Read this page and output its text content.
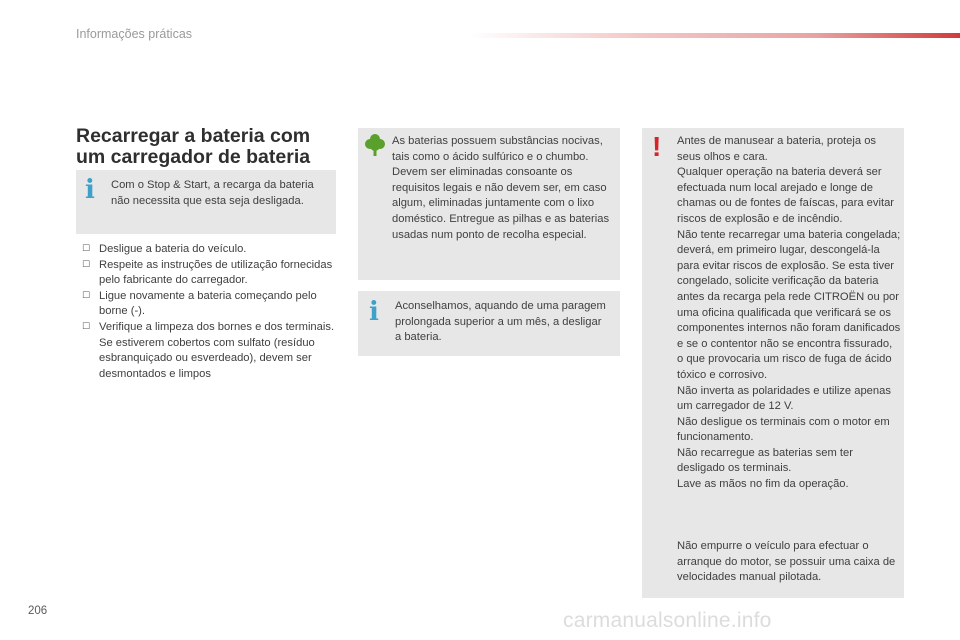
Informações práticas
Recarregar a bateria com um carregador de bateria
i Com o Stop & Start, a recarga da bateria não necessita que esta seja desligada.

☐ Desligue a bateria do veículo.
☐ Respeite as instruções de utilização fornecidas pelo fabricante do carregador.
☐ Ligue novamente a bateria começando pelo borne (-).
☐ Verifique a limpeza dos bornes e dos terminais. Se estiverem cobertos com sulfato (resíduo esbranquiçado ou esverdeado), devem ser desmontados e limpos

As baterias possuem substâncias nocivas, tais como o ácido sulfúrico e o chumbo. Devem ser eliminadas consoante os requisitos legais e não devem ser, em caso algum, eliminadas juntamente com o lixo doméstico. Entregue as pilhas e as baterias usadas num ponto de recolha especial.

i Aconselhamos, aquando de uma paragem prolongada superior a um mês, a desligar a bateria.

! Antes de manusear a bateria, proteja os seus olhos e cara.

Qualquer operação na bateria deverá ser efectuada num local arejado e longe de chamas ou de fontes de faíscas, para evitar riscos de explosão e de incêndio.

Não tente recarregar uma bateria congelada; deverá, em primeiro lugar, descongelá-la para evitar riscos de explosão. Se esta tiver congelado, solicite verificação da bateria antes da recarga pela rede CITROËN ou por uma oficina qualificada que verificará se os componentes internos não foram danificados e se o contentor não se encontra fissurado, o que provocaria um risco de fuga de ácido tóxico e corrosivo.

Não inverta as polaridades e utilize apenas um carregador de 12 V.

Não desligue os terminais com o motor em funcionamento.

Não recarregue as baterias sem ter desligado os terminais.

Lave as mãos no fim da operação.

Não empurre o veículo para efectuar o arranque do motor, se possuir uma caixa de velocidades manual pilotada.

206	carmanualsonline.info
